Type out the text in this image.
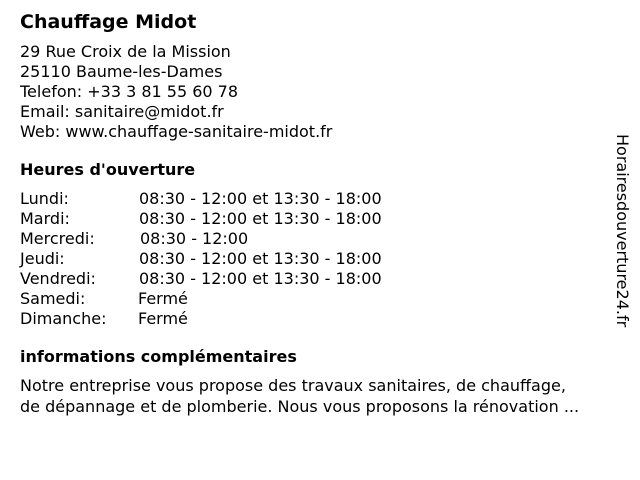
Chauffage Midot
29 Rue Croix de la Mission
25110 Baume-les-Dames
Telefon: +33 3 81 55 60 78
Email: sanitaire@midot.fr
Web: www.chauffage-sanitaire-midot.fr
Heures d'ouverture
Lundi:	08:30 - 12:00 et 13:30 - 18:00
Mardi:	08:30 - 12:00 et 13:30 - 18:00
Mercredi:	08:30 - 12:00
Jeudi:	08:30 - 12:00 et 13:30 - 18:00
Vendredi:	08:30 - 12:00 et 13:30 - 18:00
Samedi:	Fermé
Dimanche:	Fermé
informations complémentaires
Notre entreprise vous propose des travaux sanitaires, de chauffage,
de dépannage et de plomberie. Nous vous proposons la rénovation ...
Horairesdouverture24.fr
